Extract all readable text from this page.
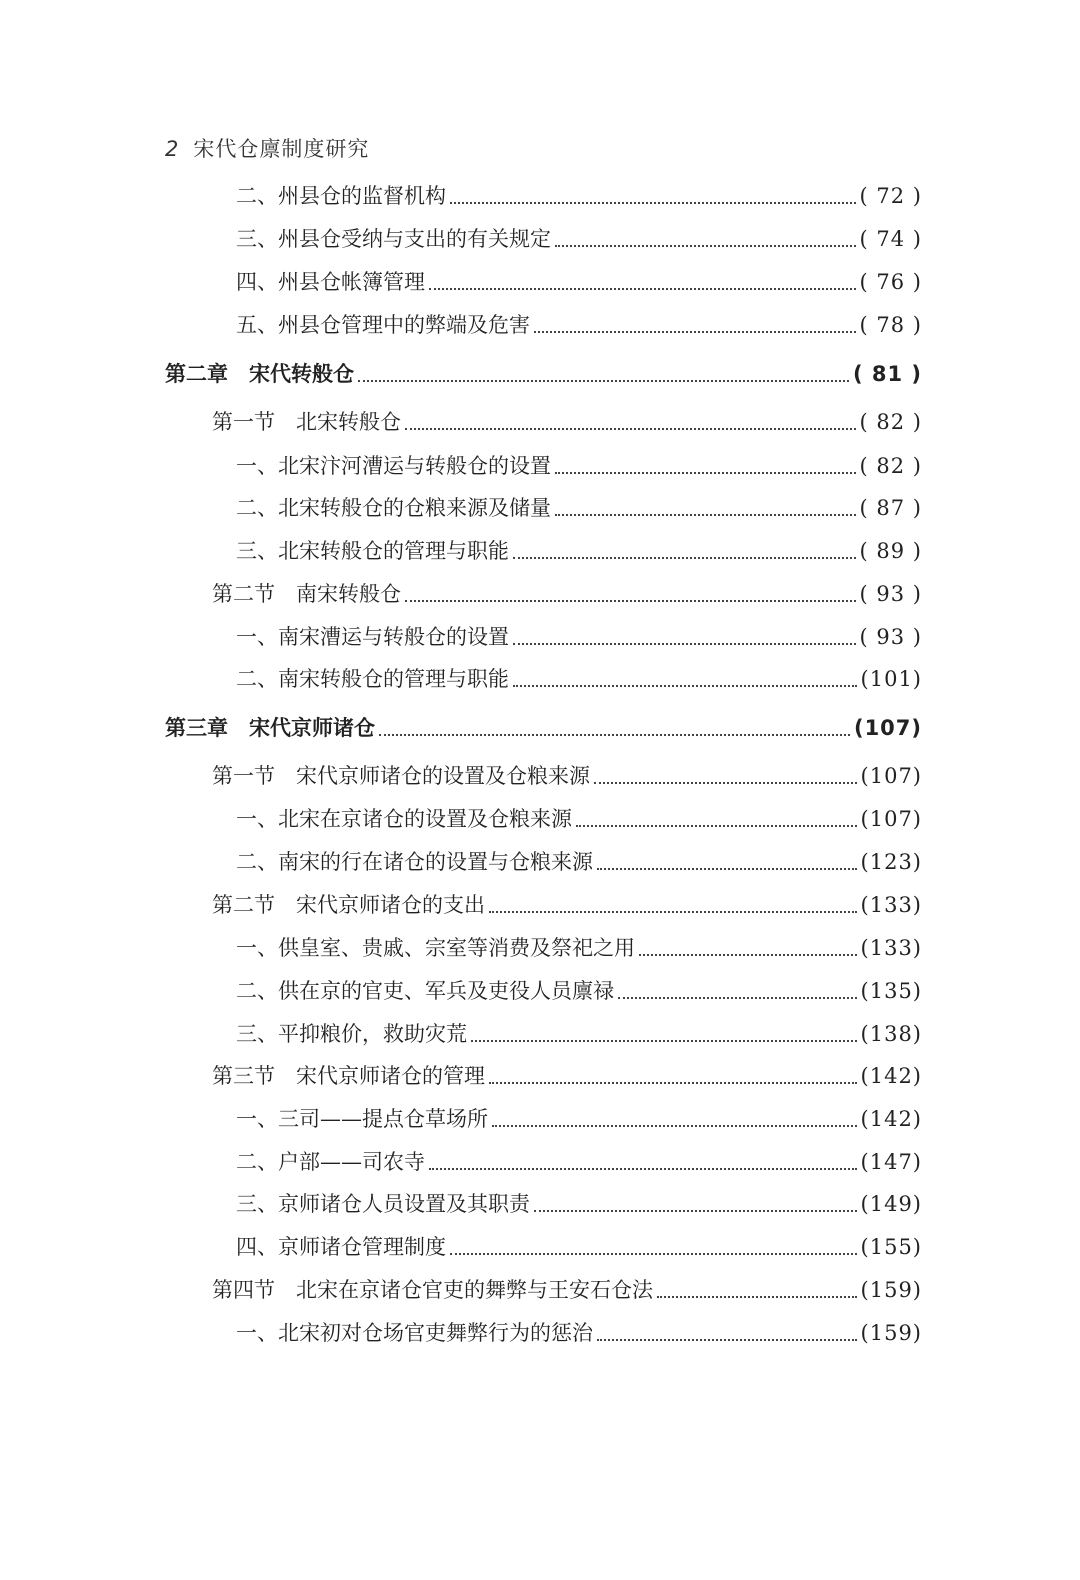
2 宋代仓廪制度研究
二、州县仓的监督机构	( 72 )
三、州县仓受纳与支出的有关规定	( 74 )
四、州县仓帐簿管理	( 76 )
五、州县仓管理中的弊端及危害	( 78 )
第二章　宋代转般仓	( 81 )
第一节　北宋转般仓	( 82 )
一、北宋汴河漕运与转般仓的设置	( 82 )
二、北宋转般仓的仓粮来源及储量	( 87 )
三、北宋转般仓的管理与职能	( 89 )
第二节　南宋转般仓	( 93 )
一、南宋漕运与转般仓的设置	( 93 )
二、南宋转般仓的管理与职能	(101)
第三章　宋代京师诸仓	(107)
第一节　宋代京师诸仓的设置及仓粮来源	(107)
一、北宋在京诸仓的设置及仓粮来源	(107)
二、南宋的行在诸仓的设置与仓粮来源	(123)
第二节　宋代京师诸仓的支出	(133)
一、供皇室、贵戚、宗室等消费及祭祀之用	(133)
二、供在京的官吏、军兵及吏役人员廪禄	(135)
三、平抑粮价，救助灾荒	(138)
第三节　宋代京师诸仓的管理	(142)
一、三司——提点仓草场所	(142)
二、户部——司农寺	(147)
三、京师诸仓人员设置及其职责	(149)
四、京师诸仓管理制度	(155)
第四节　北宋在京诸仓官吏的舞弊与王安石仓法	(159)
一、北宋初对仓场官吏舞弊行为的惩治	(159)
